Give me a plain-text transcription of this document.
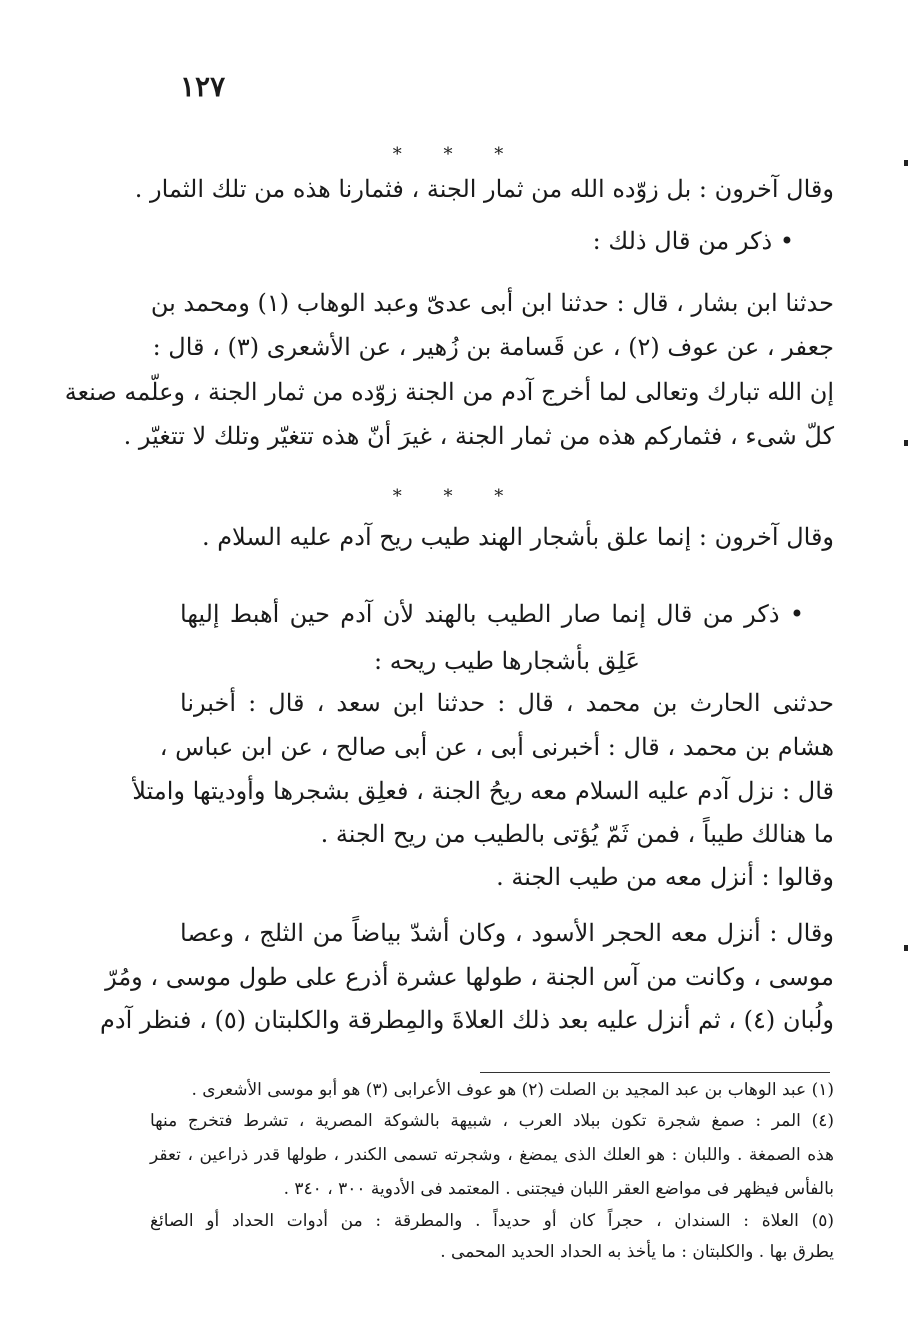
١٢٧
* * *
وقال آخرون : بل زوّده الله من ثمار الجنة ، فثمارنا هذه من تلك الثمار .
• ذكر من قال ذلك :
حدثنا ابن بشار ، قال : حدثنا ابن أبى عدىّ وعبد الوهاب (١) ومحمد بن
جعفر ، عن عوف (٢) ، عن قَسامة بن زُهير ، عن الأشعرى (٣) ، قال :
إن الله تبارك وتعالى لما أخرج آدم من الجنة زوّده من ثمار الجنة ، وعلّمه صنعة
كلّ شىء ، فثماركم هذه من ثمار الجنة ، غيرَ أنّ هذه تتغيّر وتلك لا تتغيّر .
* * *
وقال آخرون : إنما علق بأشجار الهند طيب ريح آدم عليه السلام .
• ذكر من قال إنما صار الطيب بالهند لأن آدم حين أهبط إليها
عَلِق بأشجارها طيب ريحه :
حدثنى الحارث بن محمد ، قال : حدثنا ابن سعد ، قال : أخبرنا
هشام بن محمد ، قال : أخبرنى أبى ، عن أبى صالح ، عن ابن عباس ،
قال : نزل آدم عليه السلام معه ريحُ الجنة ، فعلِق بشجرها وأوديتها وامتلأ
ما هنالك طيباً ، فمن ثَمّ يُؤتى بالطيب من ريح الجنة .
وقالوا : أنزل معه من طيب الجنة .
وقال : أنزل معه الحجر الأسود ، وكان أشدّ بياضاً من الثلج ، وعصا
موسى ، وكانت من آس الجنة ، طولها عشرة أذرع على طول موسى ، ومُرّ
ولُبان (٤) ، ثم أنزل عليه بعد ذلك العلاةَ والمِطرقة والكلبتان (٥) ، فنظر آدم
(١) عبد الوهاب بن عبد المجيد بن الصلت (٢) هو عوف الأعرابى (٣) هو أبو موسى الأشعرى .
(٤) المر : صمغ شجرة تكون ببلاد العرب ، شبيهة بالشوكة المصرية ، تشرط فتخرج منها
هذه الصمغة . واللبان : هو العلك الذى يمضغ ، وشجرته تسمى الكندر ، طولها قدر ذراعين ، تعقر
بالفأس فيظهر فى مواضع العقر اللبان فيجتنى . المعتمد فى الأدوية ٣٠٠ ، ٣٤٠ .
(٥) العلاة : السندان ، حجراً كان أو حديداً . والمطرقة : من أدوات الحداد أو الصائغ
يطرق بها . والكلبتان : ما يأخذ به الحداد الحديد المحمى .
